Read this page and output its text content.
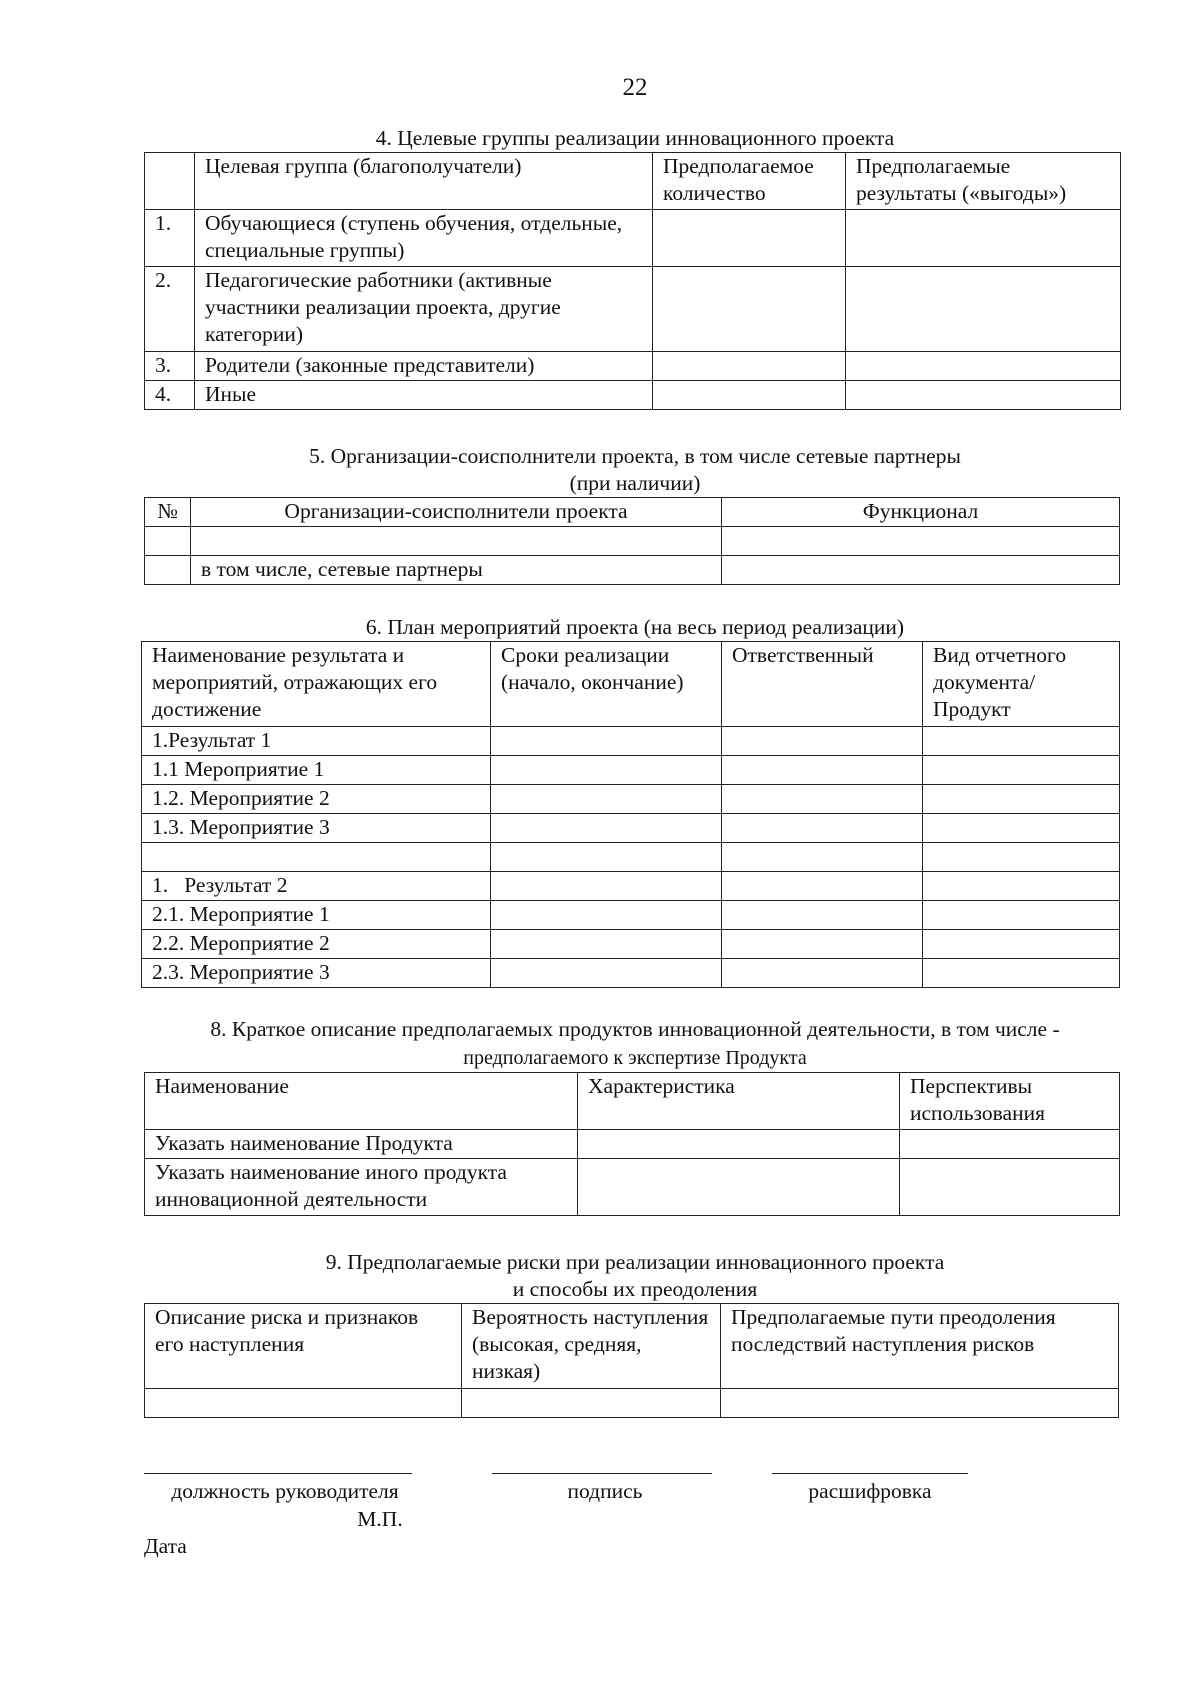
22
4. Целевые группы реализации инновационного проекта
	Целевая группа (благополучатели)	Предполагаемое количество	Предполагаемые результаты («выгоды»)
1.	Обучающиеся (ступень обучения, отдельные, специальные группы)		
2.	Педагогические работники (активные участники реализации проекта, другие категории)		
3.	Родители (законные представители)		
4.	Иные		
5. Организации-соисполнители проекта, в том числе сетевые партнеры
(при наличии)
№	Организации-соисполнители проекта	Функционал

	в том числе, сетевые партнеры	
6. План мероприятий проекта (на весь период реализации)
Наименование результата и мероприятий, отражающих его достижение	Сроки реализации (начало, окончание)	Ответственный	Вид отчетного документа/ Продукт
1.Результат 1			
1.1 Мероприятие 1			
1.2. Мероприятие 2			
1.3. Мероприятие 3			

1.   Результат 2			
2.1. Мероприятие 1			
2.2. Мероприятие 2			
2.3. Мероприятие 3			
8. Краткое описание предполагаемых продуктов инновационной деятельности, в том числе -
предполагаемого к экспертизе Продукта
Наименование	Характеристика	Перспективы использования
Указать наименование Продукта		
Указать наименование иного продукта инновационной деятельности		
9. Предполагаемые риски при реализации инновационного проекта
и способы их преодоления
Описание риска и признаков его наступления	Вероятность наступления (высокая, средняя, низкая)	Предполагаемые пути преодоления последствий наступления рисков

должность руководителя	подпись	расшифровка
М.П.
Дата
